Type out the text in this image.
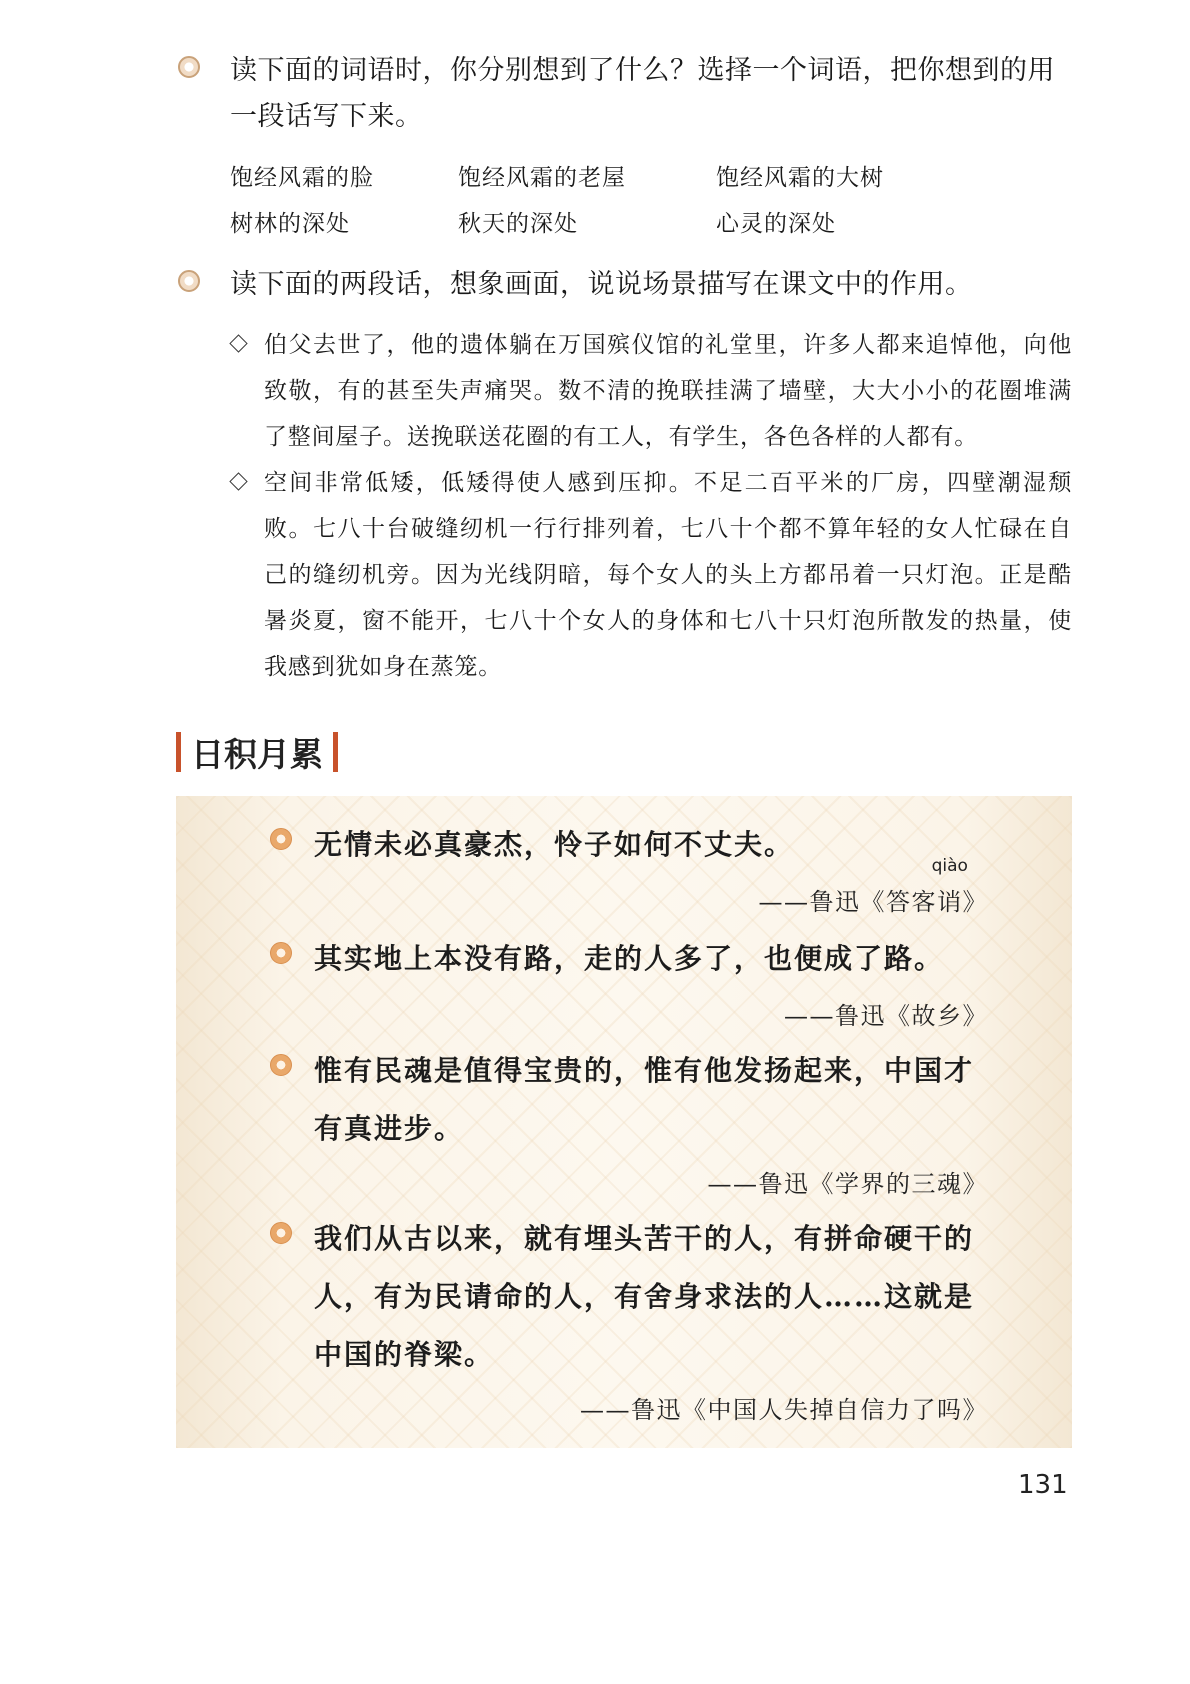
读下面的词语时，你分别想到了什么？选择一个词语，把你想到的用一段话写下来。
饱经风霜的脸	饱经风霜的老屋	饱经风霜的大树
树林的深处	秋天的深处	心灵的深处
读下面的两段话，想象画面，说说场景描写在课文中的作用。
伯父去世了，他的遗体躺在万国殡仪馆的礼堂里，许多人都来追悼他，向他致敬，有的甚至失声痛哭。数不清的挽联挂满了墙壁，大大小小的花圈堆满了整间屋子。送挽联送花圈的有工人，有学生，各色各样的人都有。
空间非常低矮，低矮得使人感到压抑。不足二百平米的厂房，四壁潮湿颓败。七八十台破缝纫机一行行排列着，七八十个都不算年轻的女人忙碌在自己的缝纫机旁。因为光线阴暗，每个女人的头上方都吊着一只灯泡。正是酷暑炎夏，窗不能开，七八十个女人的身体和七八十只灯泡所散发的热量，使我感到犹如身在蒸笼。
日积月累
无情未必真豪杰，怜子如何不丈夫。
——鲁迅《答客
qiào
诮》
其实地上本没有路，走的人多了，也便成了路。
——鲁迅《故乡》
惟有民魂是值得宝贵的，惟有他发扬起来，中国才有真进步。
——鲁迅《学界的三魂》
我们从古以来，就有埋头苦干的人，有拼命硬干的人，有为民请命的人，有舍身求法的人……这就是中国的脊梁。
——鲁迅《中国人失掉自信力了吗》
131
